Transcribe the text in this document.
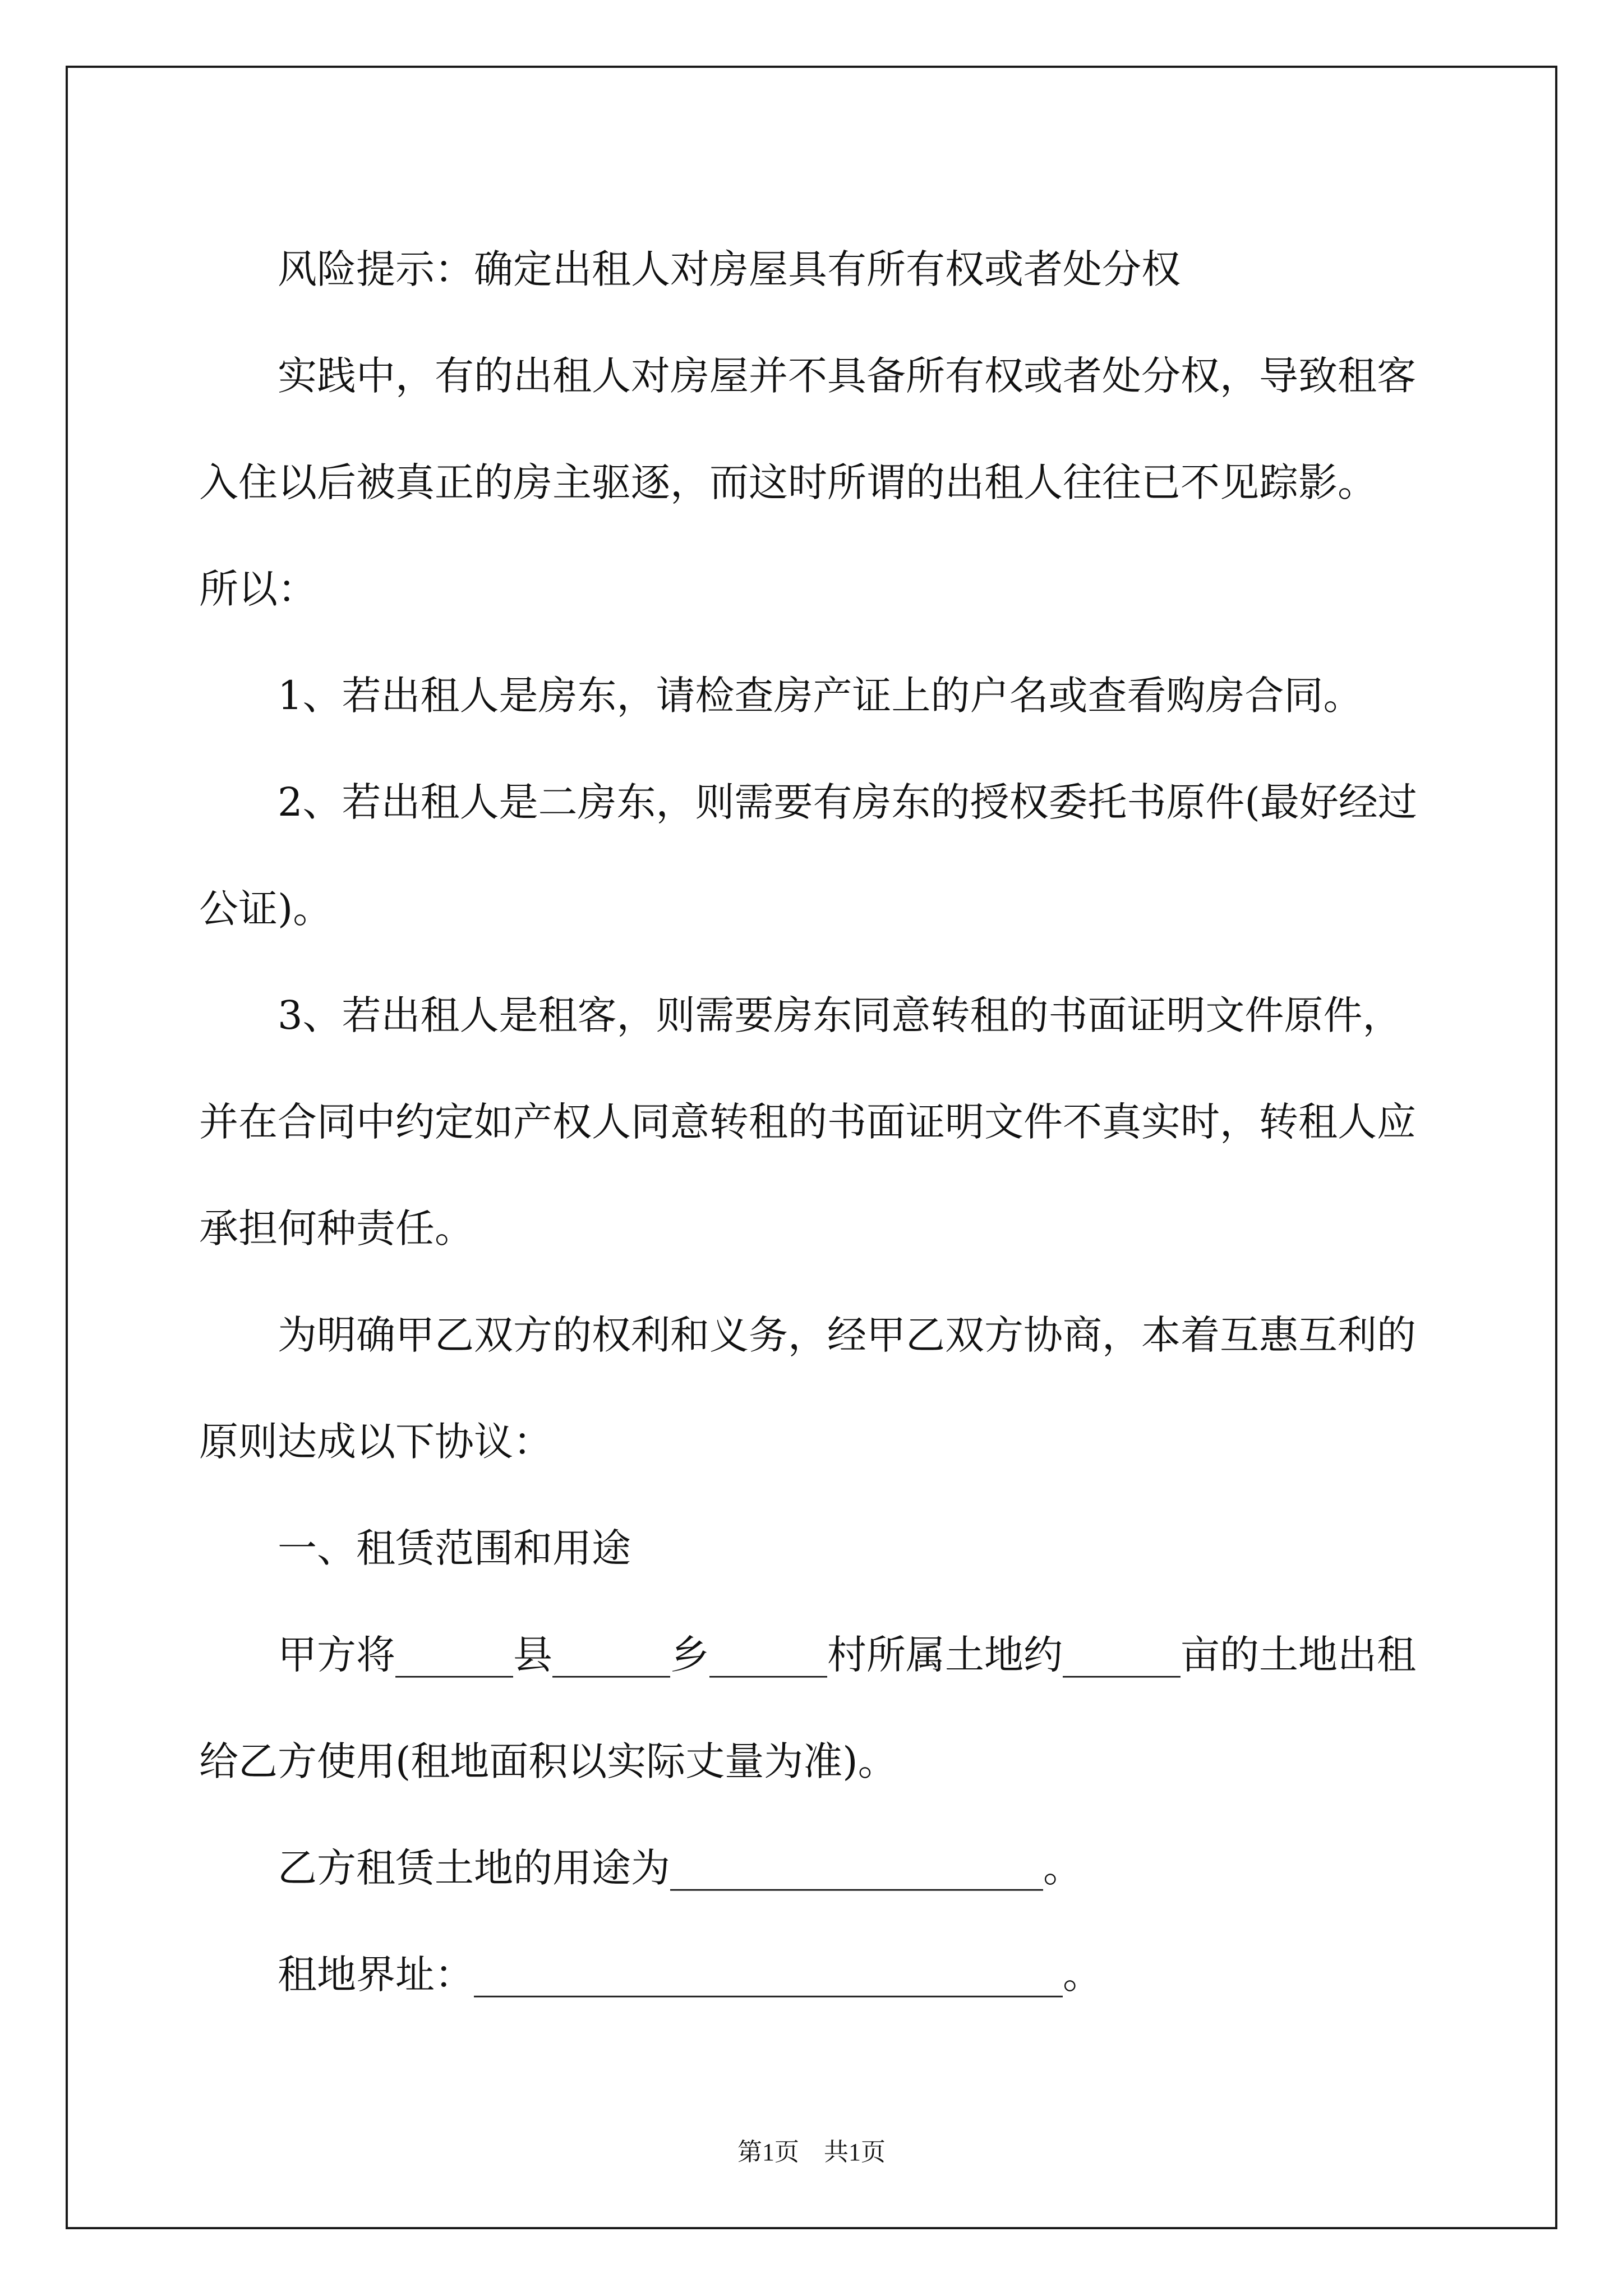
风险提示：确定出租人对房屋具有所有权或者处分权

实践中，有的出租人对房屋并不具备所有权或者处分权，导致租客入住以后被真正的房主驱逐，而这时所谓的出租人往往已不见踪影。

所以：

1、若出租人是房东，请检查房产证上的户名或查看购房合同。

2、若出租人是二房东，则需要有房东的授权委托书原件(最好经过公证)。

3、若出租人是租客，则需要房东同意转租的书面证明文件原件，并在合同中约定如产权人同意转租的书面证明文件不真实时，转租人应承担何种责任。

为明确甲乙双方的权利和义务，经甲乙双方协商，本着互惠互利的原则达成以下协议：

一、租赁范围和用途

甲方将______县______乡______村所属土地约______亩的土地出租给乙方使用(租地面积以实际丈量为准)。

乙方租赁土地的用途为___________________。

租地界址：______________________________。

第1页　共1页
